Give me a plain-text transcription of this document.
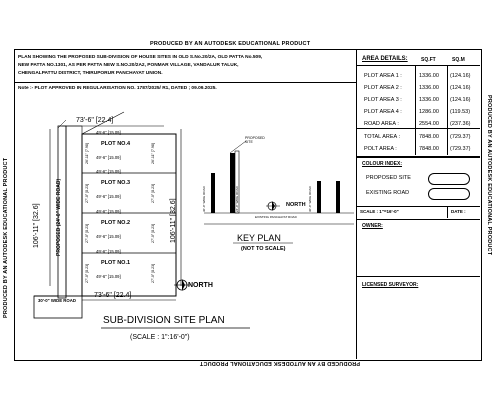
PRODUCED BY AN AUTODESK EDUCATIONAL PRODUCT
PRODUCED BY AN AUTODESK EDUCATIONAL PRODUCT
PRODUCED BY AN AUTODESK EDUCATIONAL PRODUCT	PRODUCED BY AN AUTODESK EDUCATIONAL PRODUCT
PLAN SHOWING THE PROPOSED SUB-DIVISION OF HOUSE SITES IN OLD S.No.20/2A, OLD PATTA No.509,
NEW PATTA NO.1301, AS PER PATTA NEW S.NO.20/2A2, PONMAR VILLAGE, VANDALUR TALUK,
CHENGALPATTU DISTRICT, THIRUPORUR PANCHAYAT UNION.
Note :- PLOT APPROVED IN REGULARISATION NO. 1787/2025/ R1, DATED ; 09.09.2025.
AREA DETAILS:	SQ.FT	SQ.M
PLOT AREA 1 :	1336.00 (124.16)
PLOT AREA 2 :	1336.00 (124.16)
PLOT AREA 3 :	1336.00 (124.16)
PLOT AREA 4 :	1286.00 (119.53)
ROAD AREA :	2554.00 (237.36)
TOTAL AREA :	7848.00 (729.37)
POLT AREA :	7848.00 (729.37)
COLOUR INDEX:
PROPOSED SITE
EXISTING ROAD
SCALE : 1"=16'-0"	DATE :
OWNER:
LICENSED SURVEYOR:
73'-6" [22.4]
73'-6" [22.4]
106'-11" [32.6]	106'-11" [32.6]
PROPOSED (24'-0" WIDE ROAD)
49'-6" [15.09]
PLOT NO.4
49'-6" [15.09]
26'-11" [7.98]	26'-11" [7.98]
49'-6" [15.09]
PLOT NO.3
49'-6" [15.09]
27'-0" [8.23]	27'-0" [8.23]
49'-6" [15.09]
PLOT NO.2
49'-6" [15.09]
27'-0" [8.23]	27'-0" [8.23]
49'-6" [15.09]
PLOT NO.1
49'-6" [15.09]
27'-0" [8.23]	27'-0" [8.23]
30'-0" WIDE ROAD
NORTH
SUB-DIVISION SITE PLAN
(SCALE : 1":16'-0")
KEY PLAN
(NOT TO SCALE)
PROPOSED SITE
NORTH
EXISTING PANCHAYAT ROAD
30'-0" WIDE ROAD	24'-0" WIDE ROAD	30'-0" WIDE ROAD
